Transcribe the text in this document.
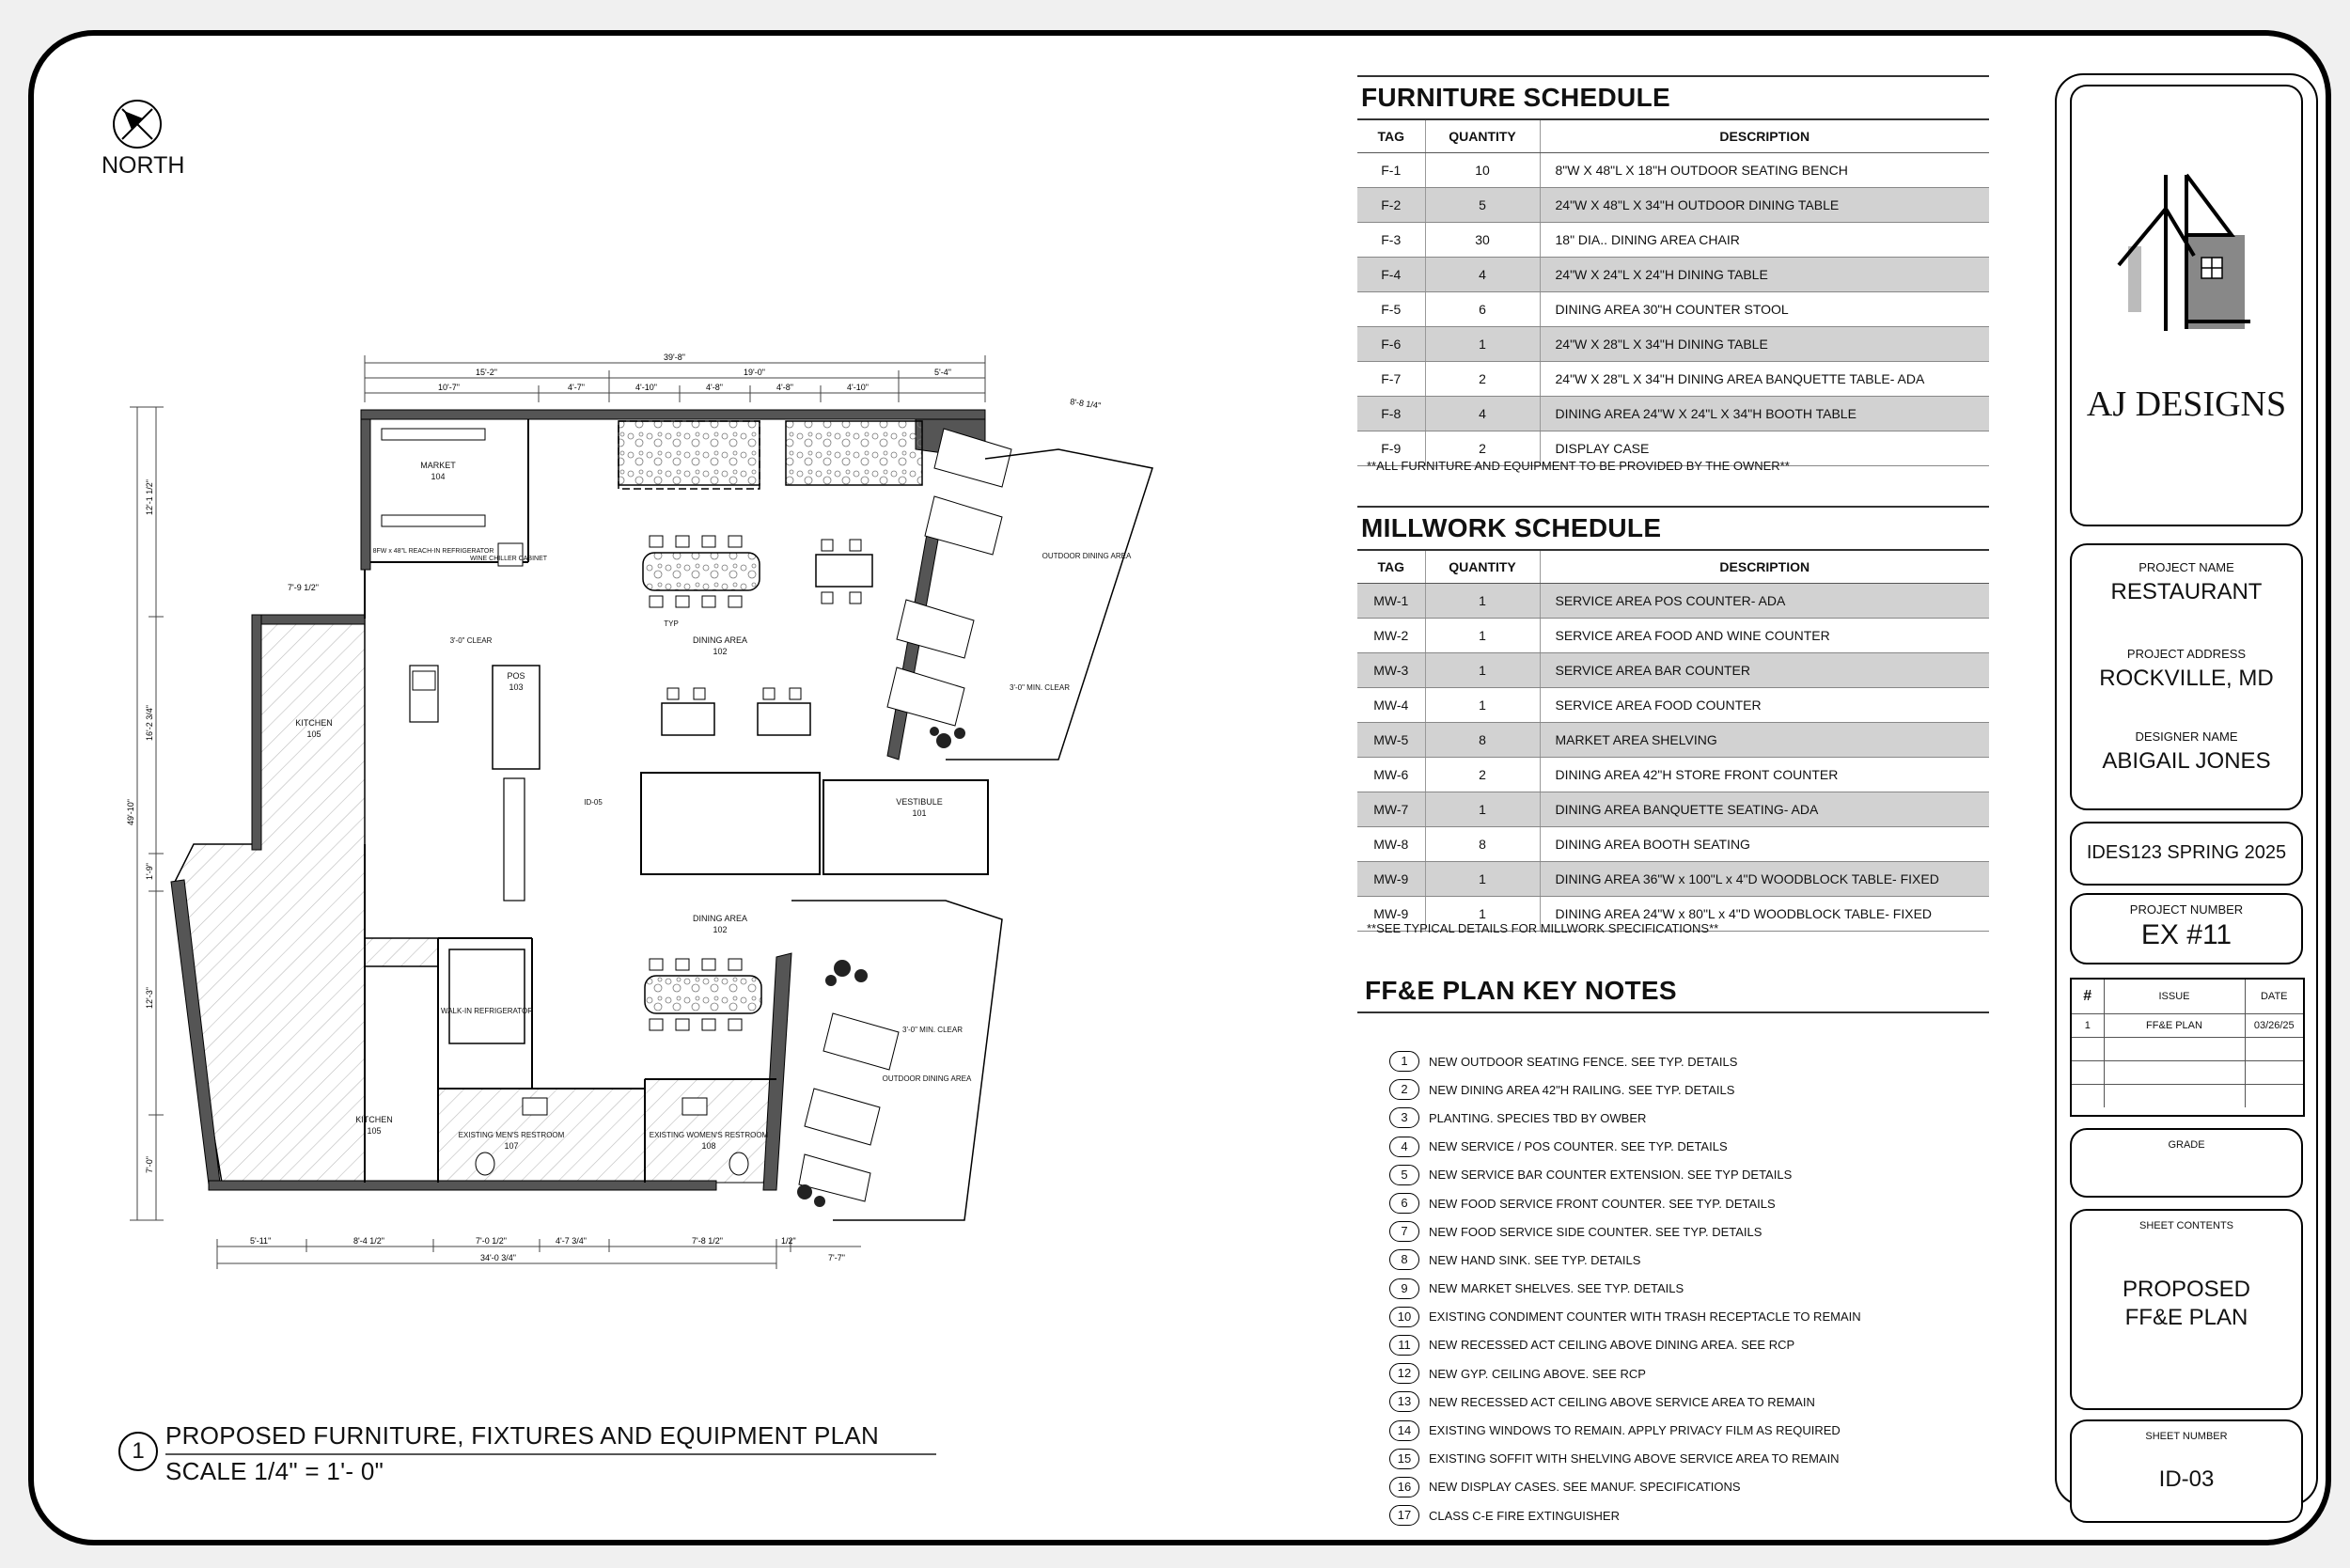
NORTH
39'-8"
15'-2"	19'-0"	5'-4"
10'-7"	4'-7"	4'-10"	4'-8"	4'-8"	4'-10"
8'-8 1/4"
12'-1 1/2"
16'-2 3/4"
1'-9"
12'-3"
7'-0"
49'-10"
7'-9 1/2"
5'-11"	8'-4 1/2"	7'-0 1/2"	4'-7 3/4"	7'-8 1/2"	1/2"
7'-7"
34'-0 3/4"
MARKET
104
8FW x 48"L REACH-IN REFRIGERATOR
WINE CHILLER CABINET
KITCHEN
105
KITCHEN
105
POS
103
DINING AREA
102
DINING AREA
102
VESTIBULE
101
WALK-IN REFRIGERATOR
EXISTING MEN'S RESTROOM
107
EXISTING WOMEN'S RESTROOM
108
OUTDOOR DINING AREA
OUTDOOR DINING AREA
3'-0" CLEAR
3'-0" MIN. CLEAR
3'-0" MIN. CLEAR
TYP
ID-05
1
PROPOSED FURNITURE, FIXTURES AND EQUIPMENT PLAN
SCALE 1/4" = 1'- 0"
FURNITURE SCHEDULE
TAG	QUANTITY	DESCRIPTION
F-1	10	8"W X 48"L X 18"H OUTDOOR SEATING BENCH
F-2	5	24"W X 48"L X 34"H OUTDOOR DINING TABLE
F-3	30	18" DIA.. DINING AREA CHAIR
F-4	4	24"W X 24"L X 24"H DINING TABLE
F-5	6	DINING AREA 30"H COUNTER STOOL
F-6	1	24"W X 28"L X 34"H DINING TABLE
F-7	2	24"W X 28"L X 34"H DINING AREA BANQUETTE TABLE- ADA
F-8	4	DINING AREA 24"W X 24"L X 34"H BOOTH TABLE
F-9	2	DISPLAY CASE
**ALL FURNITURE AND EQUIPMENT TO BE PROVIDED BY THE OWNER**
MILLWORK SCHEDULE
TAG	QUANTITY	DESCRIPTION
MW-1	1	SERVICE AREA POS COUNTER- ADA
MW-2	1	SERVICE AREA FOOD AND WINE COUNTER
MW-3	1	SERVICE AREA BAR COUNTER
MW-4	1	SERVICE AREA FOOD COUNTER
MW-5	8	MARKET AREA SHELVING
MW-6	2	DINING AREA 42"H STORE FRONT COUNTER
MW-7	1	DINING AREA BANQUETTE SEATING- ADA
MW-8	8	DINING AREA BOOTH SEATING
MW-9	1	DINING AREA 36"W x 100"L x 4"D WOODBLOCK TABLE- FIXED
MW-9	1	DINING AREA 24"W x 80"L x 4"D WOODBLOCK TABLE- FIXED
**SEE TYPICAL DETAILS FOR MILLWORK SPECIFICATIONS**
FF&E PLAN KEY NOTES
1	NEW OUTDOOR SEATING FENCE. SEE TYP. DETAILS
2	NEW DINING AREA 42"H RAILING. SEE TYP. DETAILS
3	PLANTING. SPECIES TBD BY OWBER
4	NEW SERVICE / POS COUNTER. SEE TYP. DETAILS
5	NEW SERVICE BAR COUNTER EXTENSION. SEE TYP DETAILS
6	NEW FOOD SERVICE FRONT COUNTER. SEE TYP. DETAILS
7	NEW FOOD SERVICE SIDE COUNTER. SEE TYP. DETAILS
8	NEW HAND SINK. SEE TYP. DETAILS
9	NEW MARKET SHELVES. SEE TYP. DETAILS
10	EXISTING CONDIMENT COUNTER WITH TRASH RECEPTACLE TO REMAIN
11	NEW RECESSED ACT CEILING ABOVE DINING AREA. SEE RCP
12	NEW GYP. CEILING ABOVE. SEE RCP
13	NEW RECESSED ACT CEILING ABOVE SERVICE AREA TO REMAIN
14	EXISTING WINDOWS TO REMAIN. APPLY PRIVACY FILM AS REQUIRED
15	EXISTING SOFFIT WITH SHELVING ABOVE SERVICE AREA TO REMAIN
16	NEW DISPLAY CASES. SEE MANUF. SPECIFICATIONS
17	CLASS C-E FIRE EXTINGUISHER
AJ DESIGNS
PROJECT NAME
RESTAURANT
PROJECT ADDRESS
ROCKVILLE, MD
DESIGNER NAME
ABIGAIL JONES
IDES123 SPRING 2025
PROJECT NUMBER
EX #11
#	ISSUE	DATE
1	FF&E PLAN	03/26/25

GRADE
SHEET CONTENTS
PROPOSED
FF&E PLAN
SHEET NUMBER
ID-03
